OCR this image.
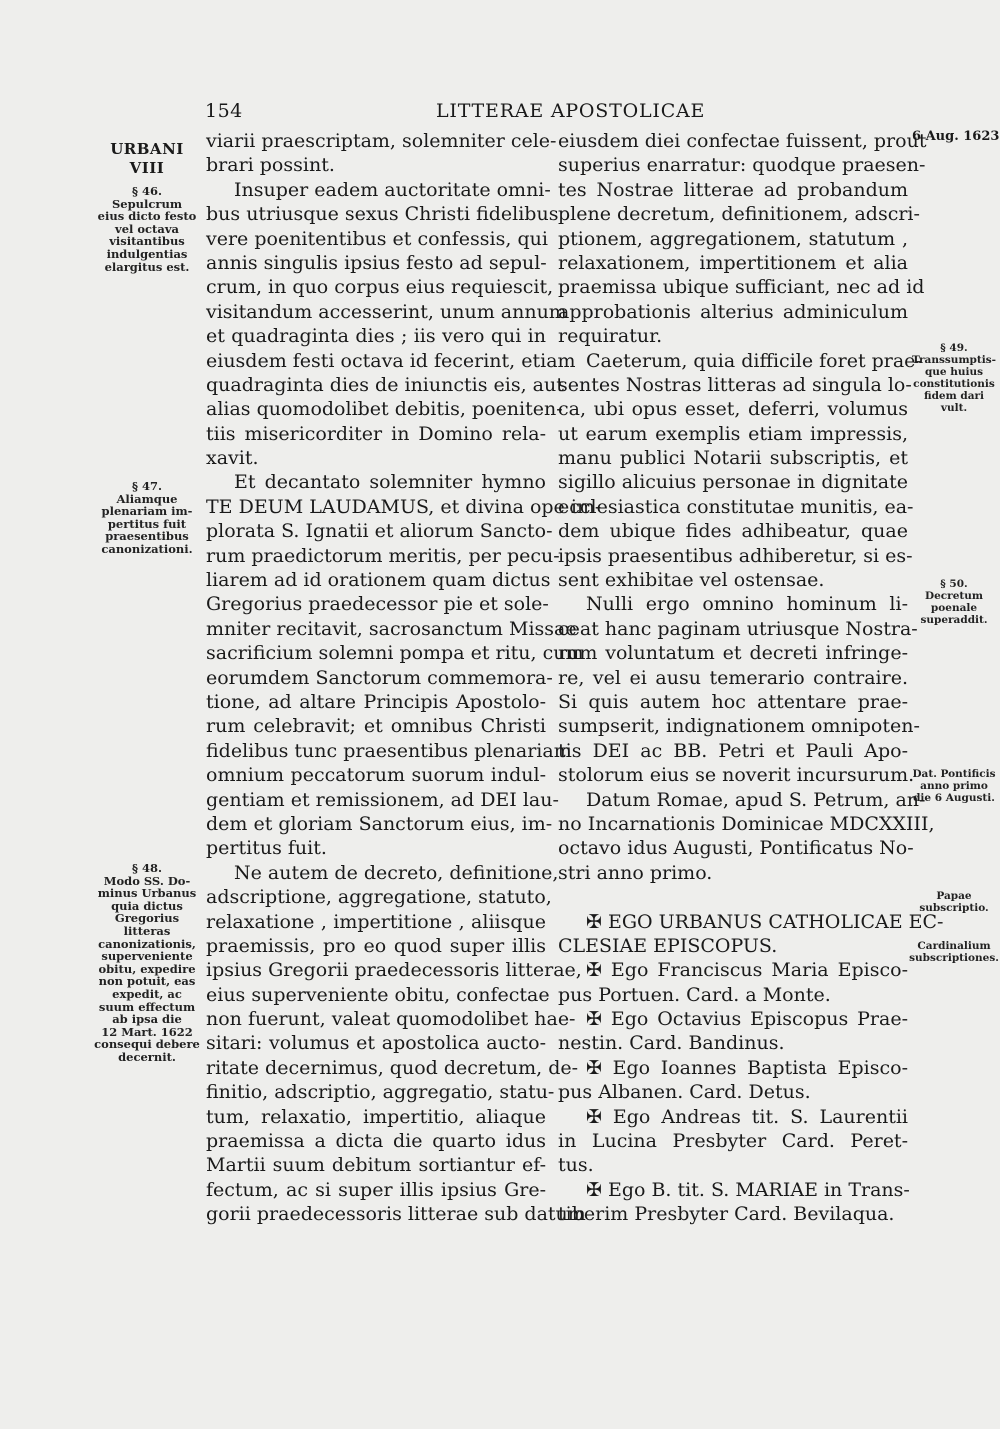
154	LITTERAE APOSTOLICAE
URBANI
VIII
6 Aug. 1623
§ 46.
Sepulcrum
eius dicto festo
vel octava
visitantibus
indulgentias
elargitus est.
§ 47.
Aliamque
plenariam im-
pertitus fuit
praesentibus
canonizationi.
§ 48.
Modo SS. Do-
minus Urbanus
quia dictus
Gregorius
litteras
canonizationis,
superveniente
obitu, expedire
non potuit, eas
expedit, ac
suum effectum
ab ipsa die
12 Mart. 1622
consequi debere
decernit.
§ 49.
Transsumptis-
que huius
constitutionis
fidem dari
vult.
§ 50.
Decretum
poenale
superaddit.
Dat. Pontificis
anno primo
die 6 Augusti.
Papae
subscriptio.
Cardinalium
subscriptiones.
viarii praescriptam, solemniter cele-
brari possint.
Insuper eadem auctoritate omni-
bus utriusque sexus Christi fidelibus
vere poenitentibus et confessis, qui
annis singulis ipsius festo ad sepul-
crum, in quo corpus eius requiescit,
visitandum accesserint, unum annum
et quadraginta dies ; iis vero qui in
eiusdem festi octava id fecerint, etiam
quadraginta dies de iniunctis eis, aut
alias quomodolibet debitis, poeniten-
tiis misericorditer in Domino rela-
xavit.
Et decantato solemniter hymno
TE DEUM LAUDAMUS, et divina ope im-
plorata S. Ignatii et aliorum Sancto-
rum praedictorum meritis, per pecu-
liarem ad id orationem quam dictus
Gregorius praedecessor pie et sole-
mniter recitavit, sacrosanctum Missae
sacrificium solemni pompa et ritu, cum
eorumdem Sanctorum commemora-
tione, ad altare Principis Apostolo-
rum celebravit; et omnibus Christi
fidelibus tunc praesentibus plenariam
omnium peccatorum suorum indul-
gentiam et remissionem, ad DEI lau-
dem et gloriam Sanctorum eius, im-
pertitus fuit.
Ne autem de decreto, definitione,
adscriptione, aggregatione, statuto,
relaxatione , impertitione , aliisque
praemissis, pro eo quod super illis
ipsius Gregorii praedecessoris litterae,
eius superveniente obitu, confectae
non fuerunt, valeat quomodolibet hae-
sitari: volumus et apostolica aucto-
ritate decernimus, quod decretum, de-
finitio, adscriptio, aggregatio, statu-
tum, relaxatio, impertitio, aliaque
praemissa a dicta die quarto idus
Martii suum debitum sortiantur ef-
fectum, ac si super illis ipsius Gre-
gorii praedecessoris litterae sub datum
eiusdem diei confectae fuissent, prout
superius enarratur: quodque praesen-
tes Nostrae litterae ad probandum
plene decretum, definitionem, adscri-
ptionem, aggregationem, statutum ,
relaxationem, impertitionem et alia
praemissa ubique sufficiant, nec ad id
approbationis alterius adminiculum
requiratur.
Caeterum, quia difficile foret prae-
sentes Nostras litteras ad singula lo-
ca, ubi opus esset, deferri, volumus
ut earum exemplis etiam impressis,
manu publici Notarii subscriptis, et
sigillo alicuius personae in dignitate
ecclesiastica constitutae munitis, ea-
dem ubique fides adhibeatur, quae
ipsis praesentibus adhiberetur, si es-
sent exhibitae vel ostensae.
Nulli ergo omnino hominum li-
ceat hanc paginam utriusque Nostra-
rum voluntatum et decreti infringe-
re, vel ei ausu temerario contraire.
Si quis autem hoc attentare prae-
sumpserit, indignationem omnipoten-
tis DEI ac BB. Petri et Pauli Apo-
stolorum eius se noverit incursurum.
Datum Romae, apud S. Petrum, an-
no Incarnationis Dominicae MDCXXIII,
octavo idus Augusti, Pontificatus No-
stri anno primo.

✠ EGO URBANUS CATHOLICAE EC-
CLESIAE EPISCOPUS.
✠ Ego Franciscus Maria Episco-
pus Portuen. Card. a Monte.
✠ Ego Octavius Episcopus Prae-
nestin. Card. Bandinus.
✠ Ego Ioannes Baptista Episco-
pus Albanen. Card. Detus.
✠ Ego Andreas tit. S. Laurentii
in Lucina Presbyter Card. Peret-
tus.
✠ Ego B. tit. S. MARIAE in Trans-
tiberim Presbyter Card. Bevilaqua.
